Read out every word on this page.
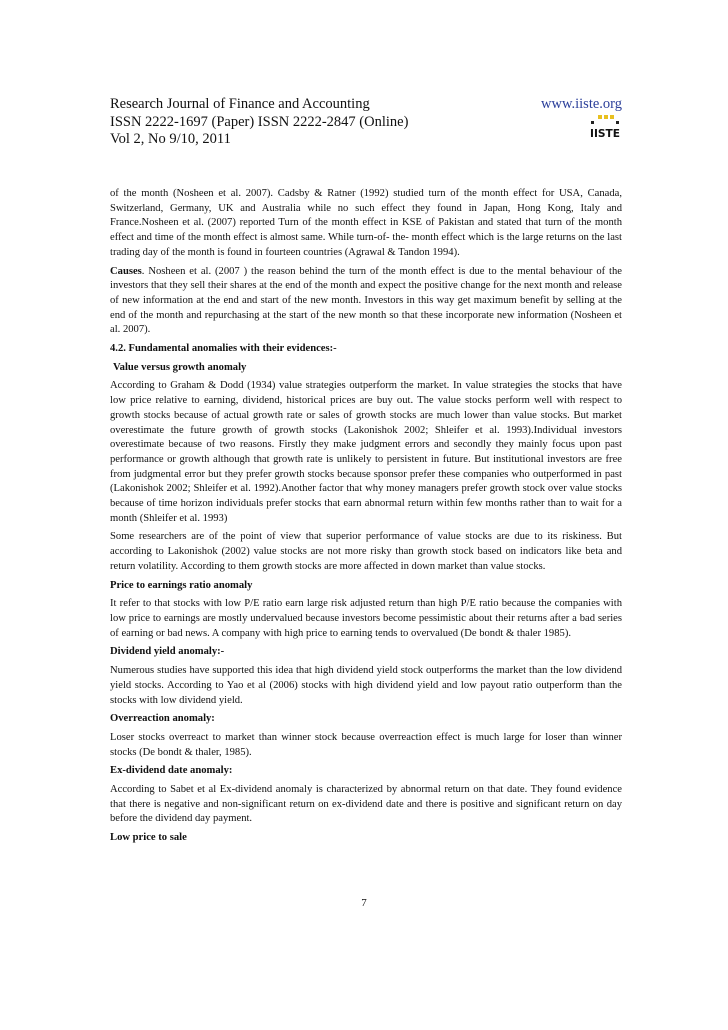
Research Journal of Finance and Accounting
ISSN 2222-1697 (Paper) ISSN 2222-2847 (Online)
Vol 2, No 9/10, 2011
www.iiste.org
IISTE

of the month (Nosheen et al. 2007). Cadsby & Ratner (1992) studied turn of the month effect for USA, Canada, Switzerland, Germany, UK and Australia while no such effect they found in Japan, Hong Kong, Italy and France.Nosheen et al. (2007) reported Turn of the month effect in KSE of Pakistan and stated that turn of the month effect and time of the month effect is almost same. While turn-of- the- month effect which is the large returns on the last trading day of the month is found in fourteen countries (Agrawal & Tandon 1994).

Causes. Nosheen et al. (2007 ) the reason behind the turn of the month effect is due to the mental behaviour of the investors that they sell their shares at the end of the month and expect the positive change for the next month and release of new information at the end and start of the new month. Investors in this way get maximum benefit by selling at the end of the month and repurchasing at the start of the new month so that these incorporate new information (Nosheen et al. 2007).

4.2. Fundamental anomalies with their evidences:-
Value versus growth anomaly

According to Graham & Dodd (1934) value strategies outperform the market. In value strategies the stocks that have low price relative to earning, dividend, historical prices are buy out. The value stocks perform well with respect to growth stocks because of actual growth rate or sales of growth stocks are much lower than value stocks. But market overestimate the future growth of growth stocks (Lakonishok 2002; Shleifer et al. 1993).Individual investors overestimate because of two reasons. Firstly they make judgment errors and secondly they mainly focus upon past performance or growth although that growth rate is unlikely to persistent in future. But institutional investors are free from judgmental error but they prefer growth stocks because sponsor prefer these companies who outperformed in past (Lakonishok 2002; Shleifer et al. 1992).Another factor that why money managers prefer growth stock over value stocks because of time horizon individuals prefer stocks that earn abnormal return within few months rather than to wait for a month (Shleifer et al. 1993)

Some researchers are of the point of view that superior performance of value stocks are due to its riskiness. But according to Lakonishok (2002) value stocks are not more risky than growth stock based on indicators like beta and return volatility. According to them growth stocks are more affected in down market than value stocks.

Price to earnings ratio anomaly

It refer to that stocks with low P/E ratio earn large risk adjusted return than high P/E ratio because the companies with low price to earnings are mostly undervalued because investors become pessimistic about their returns after a bad series of earning or bad news. A company with high price to earning tends to overvalued (De bondt & thaler 1985).

Dividend yield anomaly:-

Numerous studies have supported this idea that high dividend yield stock outperforms the market than the low dividend yield stocks. According to Yao et al (2006) stocks with high dividend yield and low payout ratio outperform than the stocks with low dividend yield.

Overreaction anomaly:

Loser stocks overreact to market than winner stock because overreaction effect is much large for loser than winner stocks (De bondt & thaler, 1985).

Ex-dividend date anomaly:

According to Sabet et al Ex-dividend anomaly is characterized by abnormal return on that date. They found evidence that there is negative and non-significant return on ex-dividend date and there is positive and significant return on day before the dividend day payment.

Low price to sale
7
